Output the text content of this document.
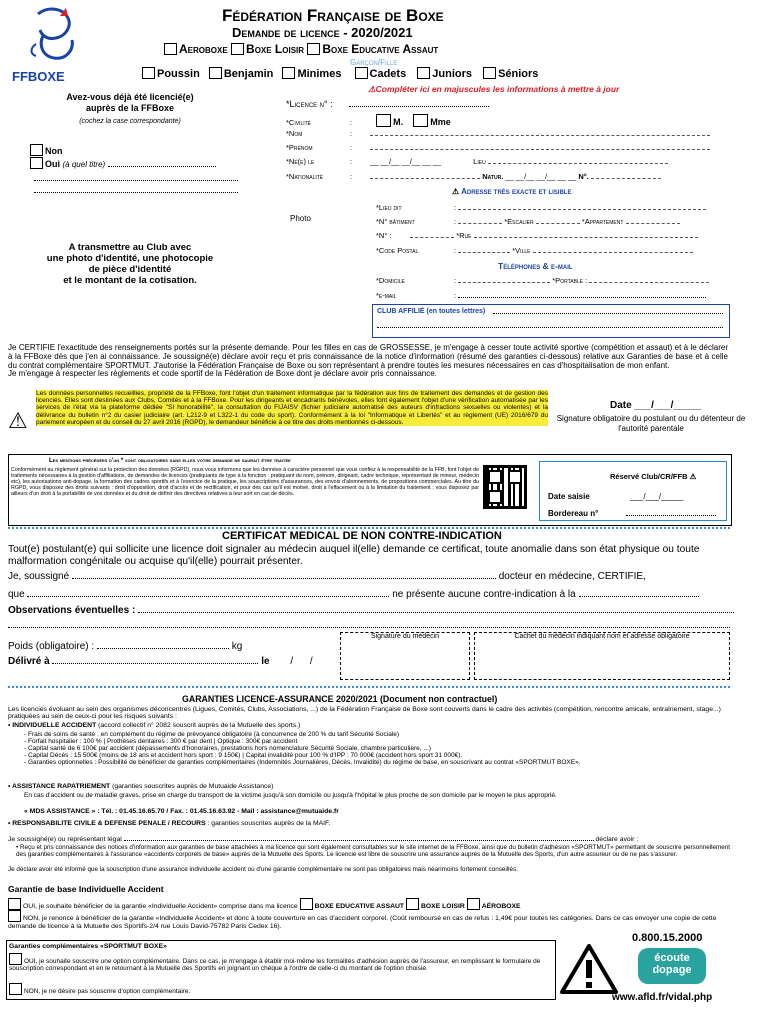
FFBOXE
Fédération Française de Boxe
Demande de licence - 2020/2021
Aeroboxe Boxe Loisir Boxe Educative Assaut
Garçon/Fille
Poussin Benjamin Minimes	Cadets Juniors Séniors
⚠Compléter ici en majuscules les informations à mettre à jour
Avez-vous déjà été licencié(e)
auprès de la FFBoxe
(cochez la case correspondante)
Non
Oui (à quel titre)
Photo
A transmettre au Club avec
une photo d'identité, une photocopie
de pièce d'identité
et le montant de la cotisation.
*Licence n° :
*Civilité	:	M.	Mme
*Nom	:
*Prénom	:
*Né(e) le	: __ __/__ __/__ __ __	Lieu
*Nationalité	:	Natur. __ __/__ __/__ __ __ N°.
⚠ Adresse très exacte et lisible
*Lieu dit	:
*N° bâtiment	:	*Escalier	*Appartement
*N° :	*Rue
*Code Postal	:	*Ville
Téléphones & e-mail
*Domicile	:	*Portable :
*e-mail	:
CLUB AFFILIÉ (en toutes lettres)
Je CERTIFIE l'exactitude des renseignements portés sur la présente demande. Pour les filles en cas de GROSSESSE, je m'engage à cesser toute activité sportive (compétition et assaut) et à le déclarer à la FFBoxe dès que j'en ai connaissance. Je soussigné(e) déclare avoir reçu et pris connaissance de la notice d'information (résumé des garanties ci-dessous) relative aux Garanties de base et à celle du contrat complémentaire SPORTMUT. J'autorise la Fédération Française de Boxe ou son représentant à prendre toutes les mesures nécessaires en cas d'hospitalisation de mon enfant.
Je m'engage à respecter les règlements et code sportif de la Fédération de Boxe dont je déclare avoir pris connaissance.
⚠
Les données personnelles recueillies, propriété de la FFBoxe, font l'objet d'un traitement informatique par la fédération aux fins de traitement des demandes et de gestion des licenciés. Elles sont destinées aux Clubs, Comités et à la FFBoxe. Pour les dirigeants et encadrants bénévoles, elles font également l'objet d'une vérification automatisée par les services de l'état via la plateforme dédiée "SI honorabilité", la consultation du FIJAISV (fichier judiciaire automatisé des auteurs d'infractions sexuelles ou violentes) et la délivrance du bulletin n°2 du casier judiciaire (art. L212-9 et L322-1 du code du sport). Conformément à la loi "Informatique et Libertés" et au règlement (UE) 2016/679 du parlement européen et du conseil du 27 avril 2016 (RGPD), le demandeur bénéficie à ce titre des droits mentionnés ci-dessous.
Date ___/___/_____
Signature obligatoire du postulant ou du détenteur de l'autorité parentale
Les mentions précédées d'un * sont obligatoires sans elles votre demande ne saurait être traitée
Conformément au règlement général sur la protection des données (RGPD), nous vous informons que les données à caractère personnel que vous confiez à la responsabilité de la FFB, font l'objet de traitements nécessaires à la gestion d'affiliations, de demandes de licences (pratiquants de type à la fonction : pratiquant du nom, prénom, dirigeant, cadre technique, représentant de mineur, médecin etc), les autorisations anti-dopage, la formation des cadres sportifs et à l'exercice de la pratique, les souscriptions d'assurances, des envois d'abonnements, de propositions commerciales. Au titre du RGPD, vous disposez des droits suivants : droit d'opposition, droit d'accès et de rectification, et pour des cas qu'il est motivé, droit à l'effacement ou à la limitation du traitement ; vous disposez par ailleurs d'un droit à la portabilité de vos données et du droit de définir des directives relatives à leur sort en cas de décès.
Réservé Club/CR/FFB ⚠
Date saisie	___/___/_____
Bordereau n°
CERTIFICAT MEDICAL DE NON CONTRE-INDICATION
Tout(e) postulant(e) qui sollicite une licence doit signaler au médecin auquel il(elle) demande ce certificat, toute anomalie dans son état physique ou toute malformation congénitale ou acquise qu'il(elle) pourrait présenter.
Je, soussigné	docteur en médecine, CERTIFIE,
que	ne présente aucune contre-indication à la
Observations éventuelles :
Signature du médecin	Cachet du médecin indiquant nom et adresse obligatoire
Poids (obligatoire) :	kg
Délivré à	le /      /
GARANTIES LICENCE-ASSURANCE 2020/2021 (Document non contractuel)
Les licenciés évoluant au sein des organismes déconcentrés (Ligues, Comités, Clubs, Associations, ...) de la Fédération Française de Boxe sont couverts dans le cadre des activités (compétition, rencontre amicale, entraînement, stage...) pratiquées au sein de ceux-ci pour les risques suivants :
• INDIVIDUELLE ACCIDENT (accord collectif n° 2082 souscrit auprès de la Mutuelle des sports.)
- Frais de soins de santé : en complément du régime de prévoyance obligatoire (à concurrence de 200 % du tarif Sécurité Sociale)
- Forfait hospitalier : 100 % | Prothèses dentaires : 300 € par dent | Optique : 300€ par accident
- Capital santé de 6 100€ par accident (dépassements d'honoraires, prestations hors nomenclature Sécurité Sociale, chambre particulière, ...)
- Capital Décès : 15 500€ (moins de 18 ans et accident hors sport : 9 150€) | Capital invalidité pour 100 % d'IPP : 70 000€ (accident hors sport 31 000€).
- Garanties optionnelles : Possibilité de bénéficier de garanties complémentaires (Indemnités Journalières, Décès, Invalidité) du régime de base, en souscrivant au contrat «SPORTMUT BOXE».
• ASSISTANCE RAPATRIEMENT (garanties souscrites auprès de Mutuaide Assistance)
En cas d'accident ou de maladie graves, prise en charge du transport de la victime jusqu'à son domicile ou jusqu'à l'hôpital le plus proche de son domicile par le moyen le plus approprié.
« MDS ASSISTANCE » : Tél. : 01.45.16.65.70 / Fax. : 01.45.16.63.92 - Mail : assistance@mutuaide.fr
• RESPONSABILITE CIVILE & DEFENSE PENALE / RECOURS : garanties souscrites auprès de la MAIF.
Je soussigné(e) ou représentant légal	déclare avoir :
• Reçu et pris connaissance des notices d'information aux garanties de base attachées à ma licence qui sont également consultables sur le site internet de la FFBoxe, ainsi que du bulletin d'adhésion «SPORTMUT» permettant de souscrire personnellement des garanties complémentaires à l'assurance «accidents corporels de base» auprès de la Mutuelle des Sports. Le licencié est libre de souscrire une assurance auprès de la Mutuelle des Sports, d'un autre assureur ou de ne pas s'assurer.
Je déclare avoir été informé que la souscription d'une assurance individuelle accident ou d'une garantie complémentaire ne sont pas obligatoires mais néanmoins fortement conseillés.
Garantie de base Individuelle Accident
OUI, je souhaite bénéficier de la garantie «Individuelle Accident» comprise dans ma licence BOXE EDUCATIVE ASSAUT BOXE LOISIR AÉROBOXE
NON, je renonce à bénéficier de la garantie «Individuelle Accident» et donc à toute couverture en cas d'accident corporel. (Coût remboursé en cas de refus : 1,49€ pour toutes les catégories. Dans ce cas envoyer une copie de cette demande de licence à la Mutuelle des Sportifs-2/4 rue Louis David-75782 Paris Cedex 16).
Garanties complémentaires «SPORTMUT BOXE»
OUI, je souhaite souscrire une option complémentaire. Dans ce cas, je m'engage à établir moi-même les formalités d'adhésion auprès de l'assureur, en remplissant le formulaire de souscription correspondant et en le retournant à la Mutuelle des Sportifs en joignant un chèque à l'ordre de celle-ci du montant de l'option choisie.
NON, je ne désire pas souscrire d'option complémentaire.
0.800.15.2000
écoute
dopage
www.afld.fr/vidal.php
